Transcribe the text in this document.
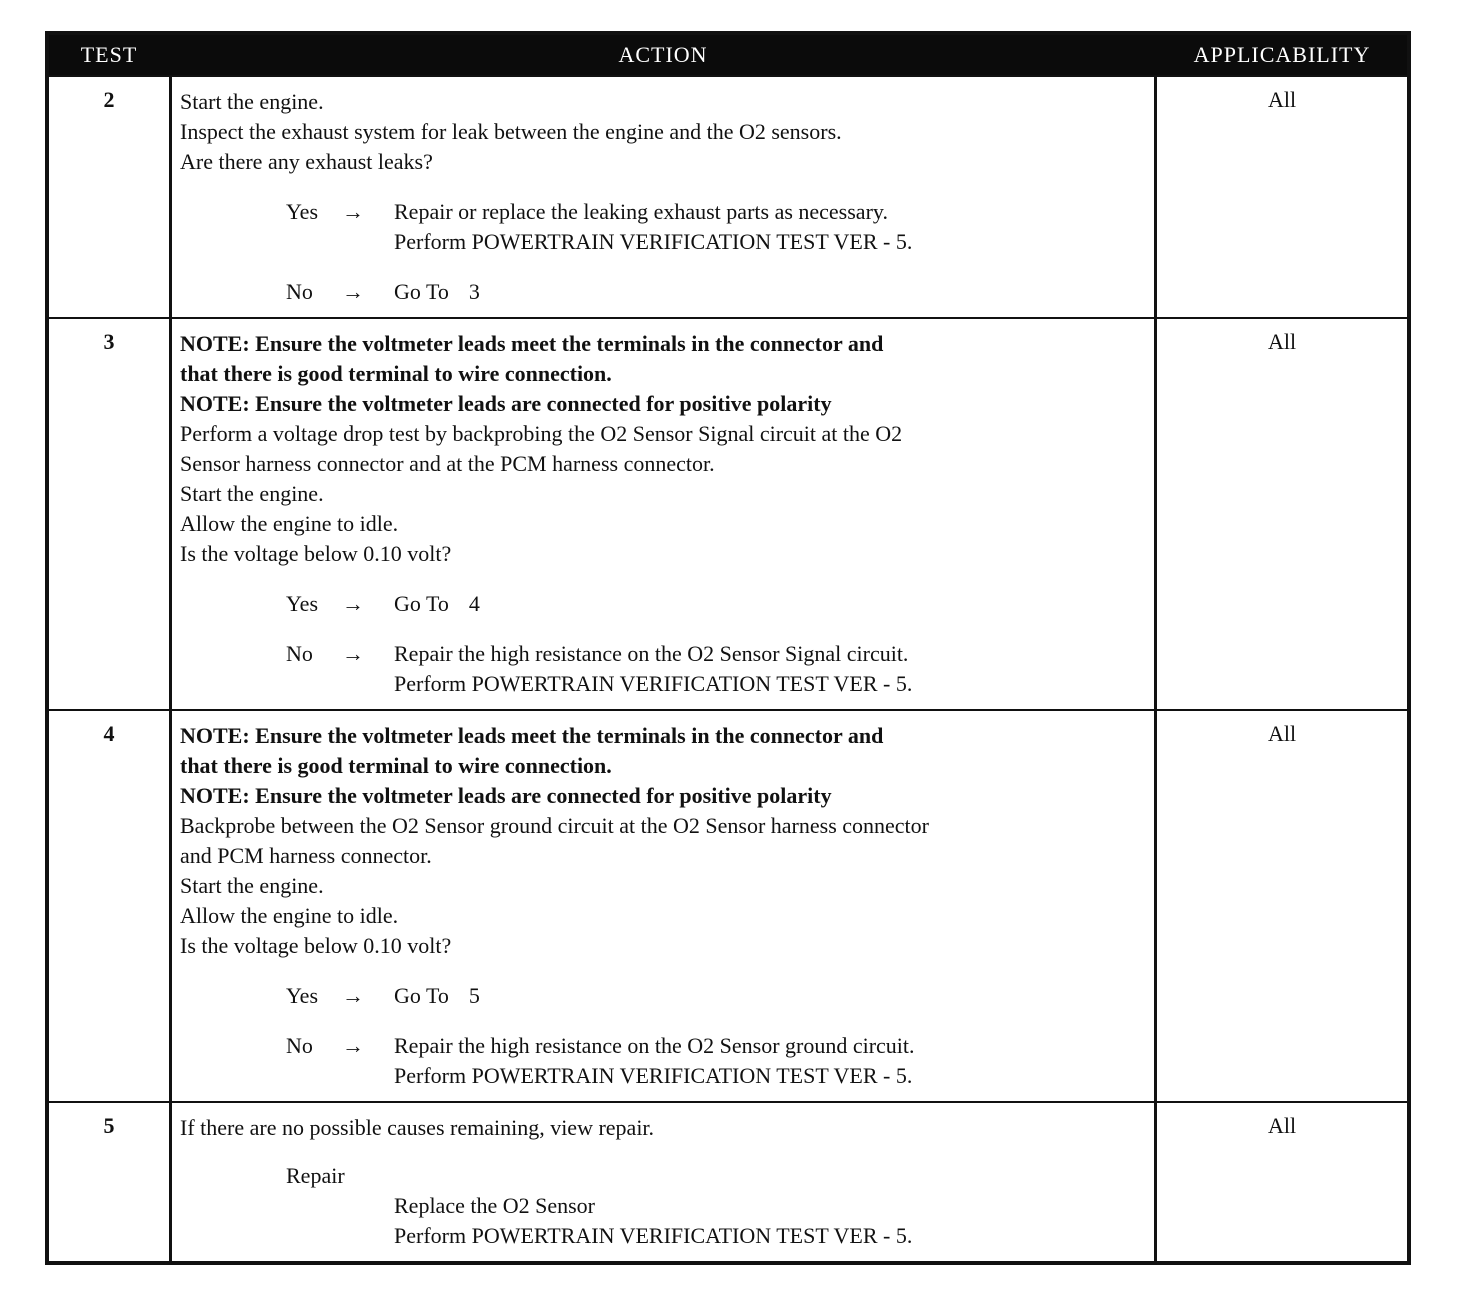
TEST	ACTION	APPLICABILITY
2	Start the engine.
Inspect the exhaust system for leak between the engine and the O2 sensors.
Are there any exhaust leaks?
Yes	→	Repair or replace the leaking exhaust parts as necessary.
Perform POWERTRAIN VERIFICATION TEST VER - 5.
No	→	Go To 3
All
3	NOTE: Ensure the voltmeter leads meet the terminals in the connector and
that there is good terminal to wire connection.
NOTE: Ensure the voltmeter leads are connected for positive polarity
Perform a voltage drop test by backprobing the O2 Sensor Signal circuit at the O2
Sensor harness connector and at the PCM harness connector.
Start the engine.
Allow the engine to idle.
Is the voltage below 0.10 volt?
Yes	→	Go To 4
No	→	Repair the high resistance on the O2 Sensor Signal circuit.
Perform POWERTRAIN VERIFICATION TEST VER - 5.
All
4	NOTE: Ensure the voltmeter leads meet the terminals in the connector and
that there is good terminal to wire connection.
NOTE: Ensure the voltmeter leads are connected for positive polarity
Backprobe between the O2 Sensor ground circuit at the O2 Sensor harness connector
and PCM harness connector.
Start the engine.
Allow the engine to idle.
Is the voltage below 0.10 volt?
Yes	→	Go To 5
No	→	Repair the high resistance on the O2 Sensor ground circuit.
Perform POWERTRAIN VERIFICATION TEST VER - 5.
All
5	If there are no possible causes remaining, view repair.
Repair
Replace the O2 Sensor
Perform POWERTRAIN VERIFICATION TEST VER - 5.
All
